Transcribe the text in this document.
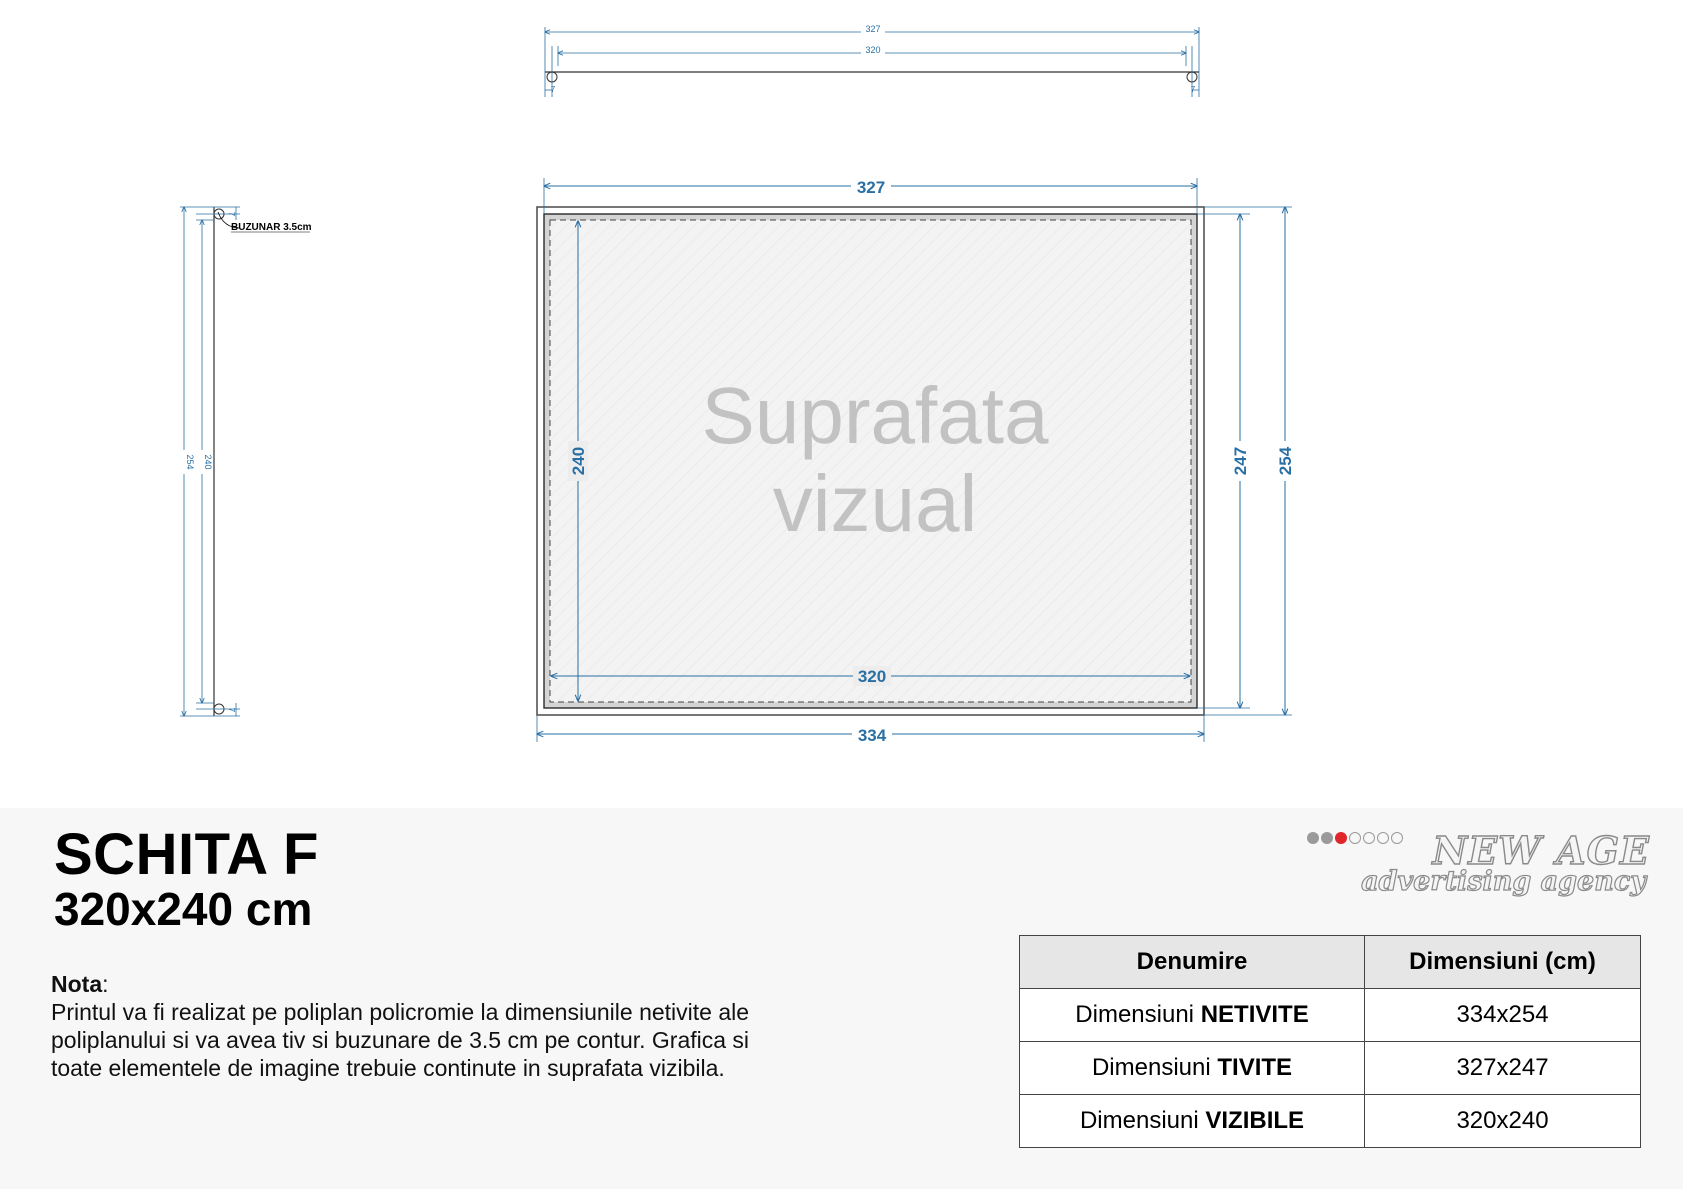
327
320
7	7
254 240
7
7
BUZUNAR 3.5cm
Suprafata
vizual
327
320
334
240	247 254
SCHITA F
320x240 cm
Nota:
Printul va fi realizat pe poliplan policromie la dimensiunile netivite ale poliplanului si va avea tiv si buzunare de 3.5 cm pe contur. Grafica si toate elementele de imagine trebuie continute in suprafata vizibila.
NEW AGE
advertising agency
Denumire	Dimensiuni (cm)
Dimensiuni NETIVITE	334x254
Dimensiuni TIVITE	327x247
Dimensiuni VIZIBILE	320x240
